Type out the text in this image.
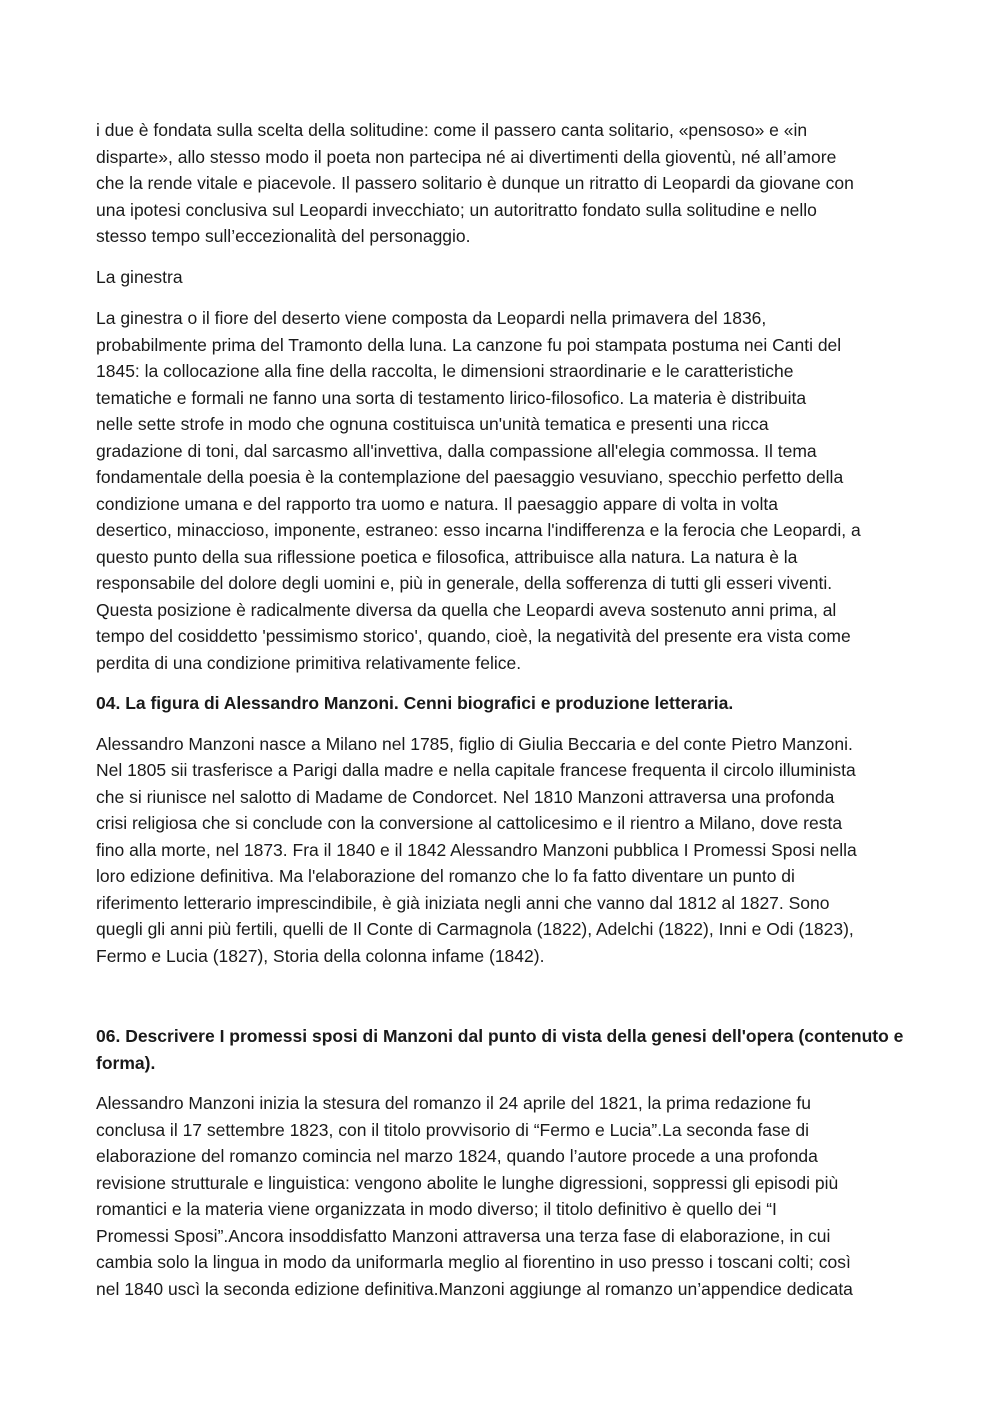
i due è fondata sulla scelta della solitudine: come il passero canta solitario, «pensoso» e «in
disparte», allo stesso modo il poeta non partecipa né ai divertimenti della gioventù, né all’amore
che la rende vitale e piacevole. Il passero solitario è dunque un ritratto di Leopardi da giovane con
una ipotesi conclusiva sul Leopardi invecchiato; un autoritratto fondato sulla solitudine e nello
stesso tempo sull’eccezionalità del personaggio.

La ginestra

La ginestra o il fiore del deserto viene composta da Leopardi nella primavera del 1836,
probabilmente prima del Tramonto della luna. La canzone fu poi stampata postuma nei Canti del
1845: la collocazione alla fine della raccolta, le dimensioni straordinarie e le caratteristiche
tematiche e formali ne fanno una sorta di testamento lirico-filosofico. La materia è distribuita
nelle sette strofe in modo che ognuna costituisca un'unità tematica e presenti una ricca
gradazione di toni, dal sarcasmo all'invettiva, dalla compassione all'elegia commossa. Il tema
fondamentale della poesia è la contemplazione del paesaggio vesuviano, specchio perfetto della
condizione umana e del rapporto tra uomo e natura. Il paesaggio appare di volta in volta
desertico, minaccioso, imponente, estraneo: esso incarna l'indifferenza e la ferocia che Leopardi, a
questo punto della sua riflessione poetica e filosofica, attribuisce alla natura. La natura è la
responsabile del dolore degli uomini e, più in generale, della sofferenza di tutti gli esseri viventi.
Questa posizione è radicalmente diversa da quella che Leopardi aveva sostenuto anni prima, al
tempo del cosiddetto 'pessimismo storico', quando, cioè, la negatività del presente era vista come
perdita di una condizione primitiva relativamente felice.

04. La figura di Alessandro Manzoni. Cenni biografici e produzione letteraria.

Alessandro Manzoni nasce a Milano nel 1785, figlio di Giulia Beccaria e del conte Pietro Manzoni.
Nel 1805 sii trasferisce a Parigi dalla madre e nella capitale francese frequenta il circolo illuminista
che si riunisce nel salotto di Madame de Condorcet. Nel 1810 Manzoni attraversa una profonda
crisi religiosa che si conclude con la conversione al cattolicesimo e il rientro a Milano, dove resta
fino alla morte, nel 1873. Fra il 1840 e il 1842 Alessandro Manzoni pubblica I Promessi Sposi nella
loro edizione definitiva. Ma l'elaborazione del romanzo che lo fa fatto diventare un punto di
riferimento letterario imprescindibile, è già iniziata negli anni che vanno dal 1812 al 1827. Sono
quegli gli anni più fertili, quelli de Il Conte di Carmagnola (1822), Adelchi (1822), Inni e Odi (1823),
Fermo e Lucia (1827), Storia della colonna infame (1842).

06. Descrivere I promessi sposi di Manzoni dal punto di vista della genesi dell'opera (contenuto e
forma).

Alessandro Manzoni inizia la stesura del romanzo il 24 aprile del 1821, la prima redazione fu
conclusa il 17 settembre 1823, con il titolo provvisorio di “Fermo e Lucia”.La seconda fase di
elaborazione del romanzo comincia nel marzo 1824, quando l’autore procede a una profonda
revisione strutturale e linguistica: vengono abolite le lunghe digressioni, soppressi gli episodi più
romantici e la materia viene organizzata in modo diverso; il titolo definitivo è quello dei “I
Promessi Sposi”.Ancora insoddisfatto Manzoni attraversa una terza fase di elaborazione, in cui
cambia solo la lingua in modo da uniformarla meglio al fiorentino in uso presso i toscani colti; così
nel 1840 uscì la seconda edizione definitiva.Manzoni aggiunge al romanzo un’appendice dedicata
